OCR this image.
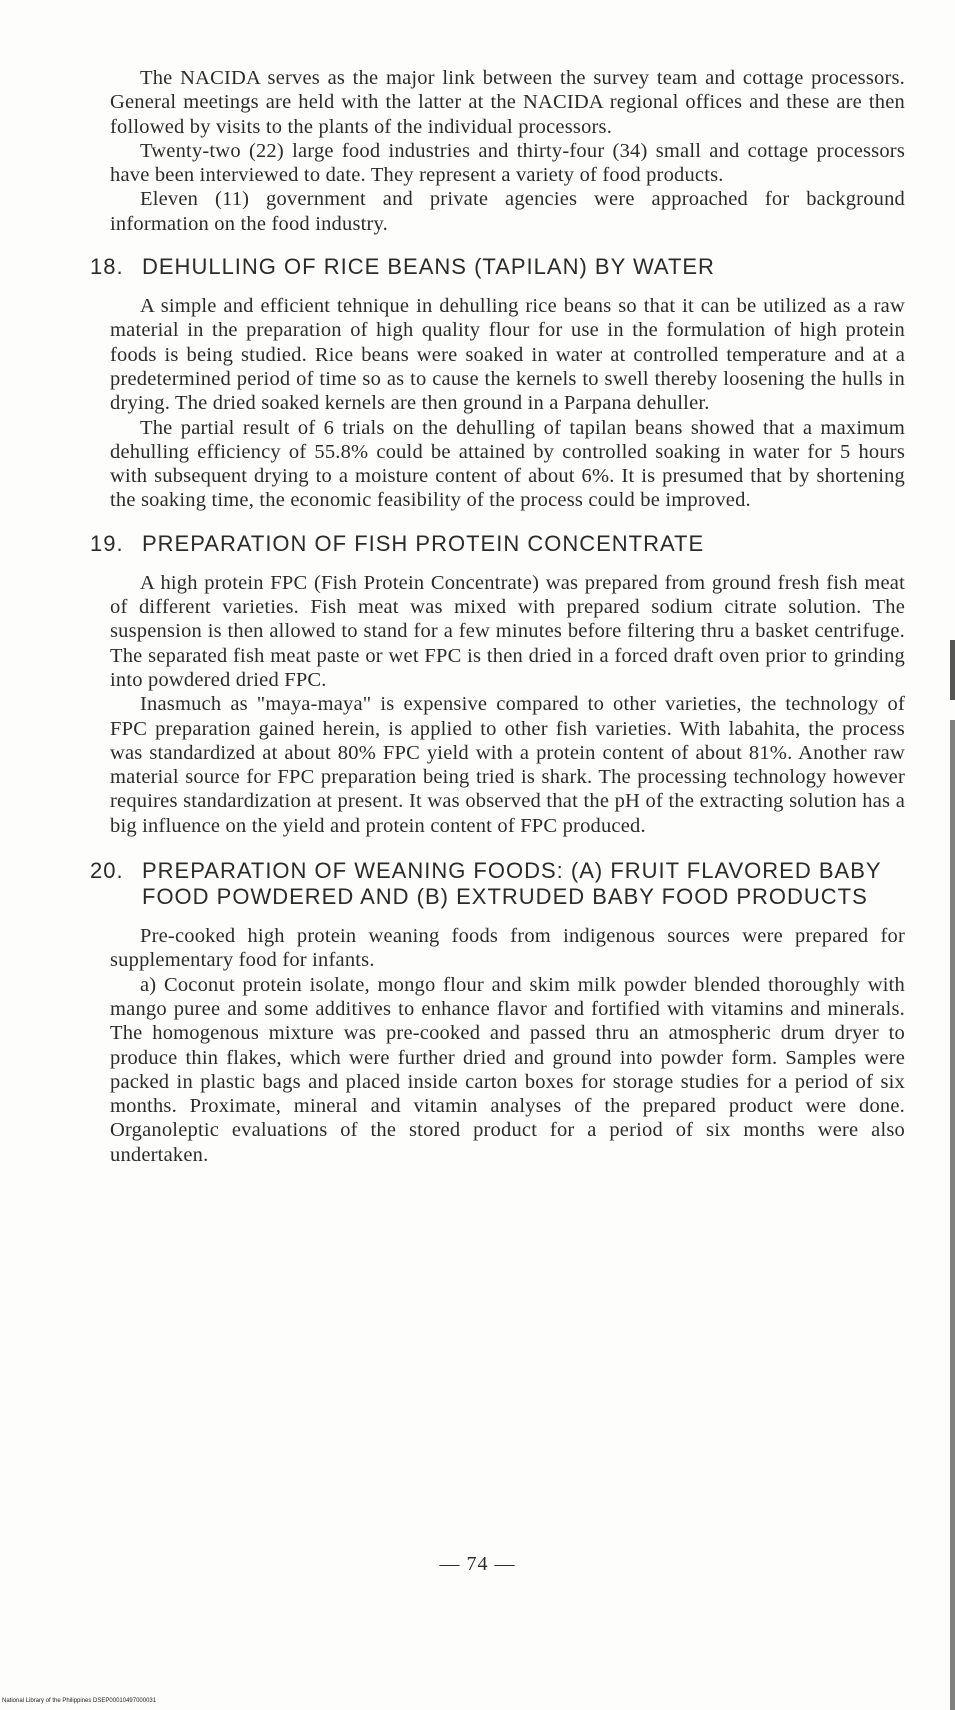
The NACIDA serves as the major link between the survey team and cottage processors. General meetings are held with the latter at the NACIDA regional offices and these are then followed by visits to the plants of the individual processors.

Twenty-two (22) large food industries and thirty-four (34) small and cottage processors have been interviewed to date. They represent a variety of food products.

Eleven (11) government and private agencies were approached for background information on the food industry.

18. DEHULLING OF RICE BEANS (TAPILAN) BY WATER

A simple and efficient tehnique in dehulling rice beans so that it can be utilized as a raw material in the preparation of high quality flour for use in the formulation of high protein foods is being studied. Rice beans were soaked in water at controlled temperature and at a predetermined period of time so as to cause the kernels to swell thereby loosening the hulls in drying. The dried soaked kernels are then ground in a Parpana dehuller.

The partial result of 6 trials on the dehulling of tapilan beans showed that a maximum dehulling efficiency of 55.8% could be attained by controlled soaking in water for 5 hours with subsequent drying to a moisture content of about 6%. It is presumed that by shortening the soaking time, the economic feasibility of the process could be improved.

19. PREPARATION OF FISH PROTEIN CONCENTRATE

A high protein FPC (Fish Protein Concentrate) was prepared from ground fresh fish meat of different varieties. Fish meat was mixed with prepared sodium citrate solution. The suspension is then allowed to stand for a few minutes before filtering thru a basket centrifuge. The separated fish meat paste or wet FPC is then dried in a forced draft oven prior to grinding into powdered dried FPC.

Inasmuch as "maya-maya" is expensive compared to other varieties, the technology of FPC preparation gained herein, is applied to other fish varieties. With labahita, the process was standardized at about 80% FPC yield with a protein content of about 81%. Another raw material source for FPC preparation being tried is shark. The processing technology however requires standardization at present. It was observed that the pH of the extracting solution has a big influence on the yield and protein content of FPC produced.

20. PREPARATION OF WEANING FOODS: (A) FRUIT FLAVORED BABY FOOD POWDERED AND (B) EXTRUDED BABY FOOD PRODUCTS

Pre-cooked high protein weaning foods from indigenous sources were prepared for supplementary food for infants.

a) Coconut protein isolate, mongo flour and skim milk powder blended thoroughly with mango puree and some additives to enhance flavor and fortified with vitamins and minerals. The homogenous mixture was pre-cooked and passed thru an atmospheric drum dryer to produce thin flakes, which were further dried and ground into powder form. Samples were packed in plastic bags and placed inside carton boxes for storage studies for a period of six months. Proximate, mineral and vitamin analyses of the prepared product were done. Organoleptic evaluations of the stored product for a period of six months were also undertaken.

— 74 —
National Library of the Philippines DSEP00010497000031
